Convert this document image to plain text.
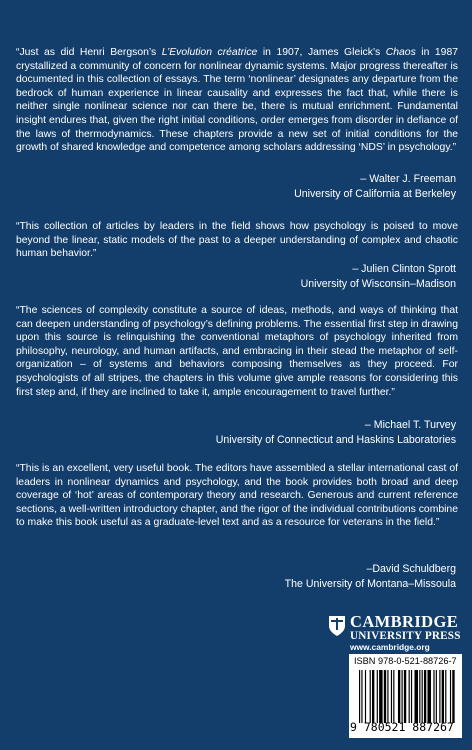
“Just as did Henri Bergson’s L’Evolution créatrice in 1907, James Gleick’s Chaos in 1987 crystallized a community of concern for nonlinear dynamic systems. Major progress thereafter is documented in this collection of essays. The term ‘nonlinear’ designates any departure from the bedrock of human experience in linear causality and expresses the fact that, while there is neither single nonlinear science nor can there be, there is mutual enrichment. Fundamental insight endures that, given the right initial conditions, order emerges from disorder in defiance of the laws of thermodynamics. These chapters provide a new set of initial conditions for the growth of shared knowledge and competence among scholars addressing ‘NDS’ in psychology.”

– Walter J. Freeman
University of California at Berkeley

“This collection of articles by leaders in the field shows how psychology is poised to move beyond the linear, static models of the past to a deeper understanding of complex and chaotic human behavior.”

– Julien Clinton Sprott
University of Wisconsin–Madison

“The sciences of complexity constitute a source of ideas, methods, and ways of thinking that can deepen understanding of psychology’s defining problems. The essential first step in drawing upon this source is relinquishing the conventional metaphors of psychology inherited from philosophy, neurology, and human artifacts, and embracing in their stead the metaphor of self-organization – of systems and behaviors composing themselves as they proceed. For psychologists of all stripes, the chapters in this volume give ample reasons for considering this first step and, if they are inclined to take it, ample encouragement to travel further.”

– Michael T. Turvey
University of Connecticut and Haskins Laboratories

“This is an excellent, very useful book. The editors have assembled a stellar international cast of leaders in nonlinear dynamics and psychology, and the book provides both broad and deep coverage of ‘hot’ areas of contemporary theory and research. Generous and current reference sections, a well-written introductory chapter, and the rigor of the individual contributions combine to make this book useful as a graduate-level text and as a resource for veterans in the field.”

–David Schuldberg
The University of Montana–Missoula
CAMBRIDGE
UNIVERSITY PRESS
www.cambridge.org
ISBN 978-0-521-88726-7
9 780521 887267
